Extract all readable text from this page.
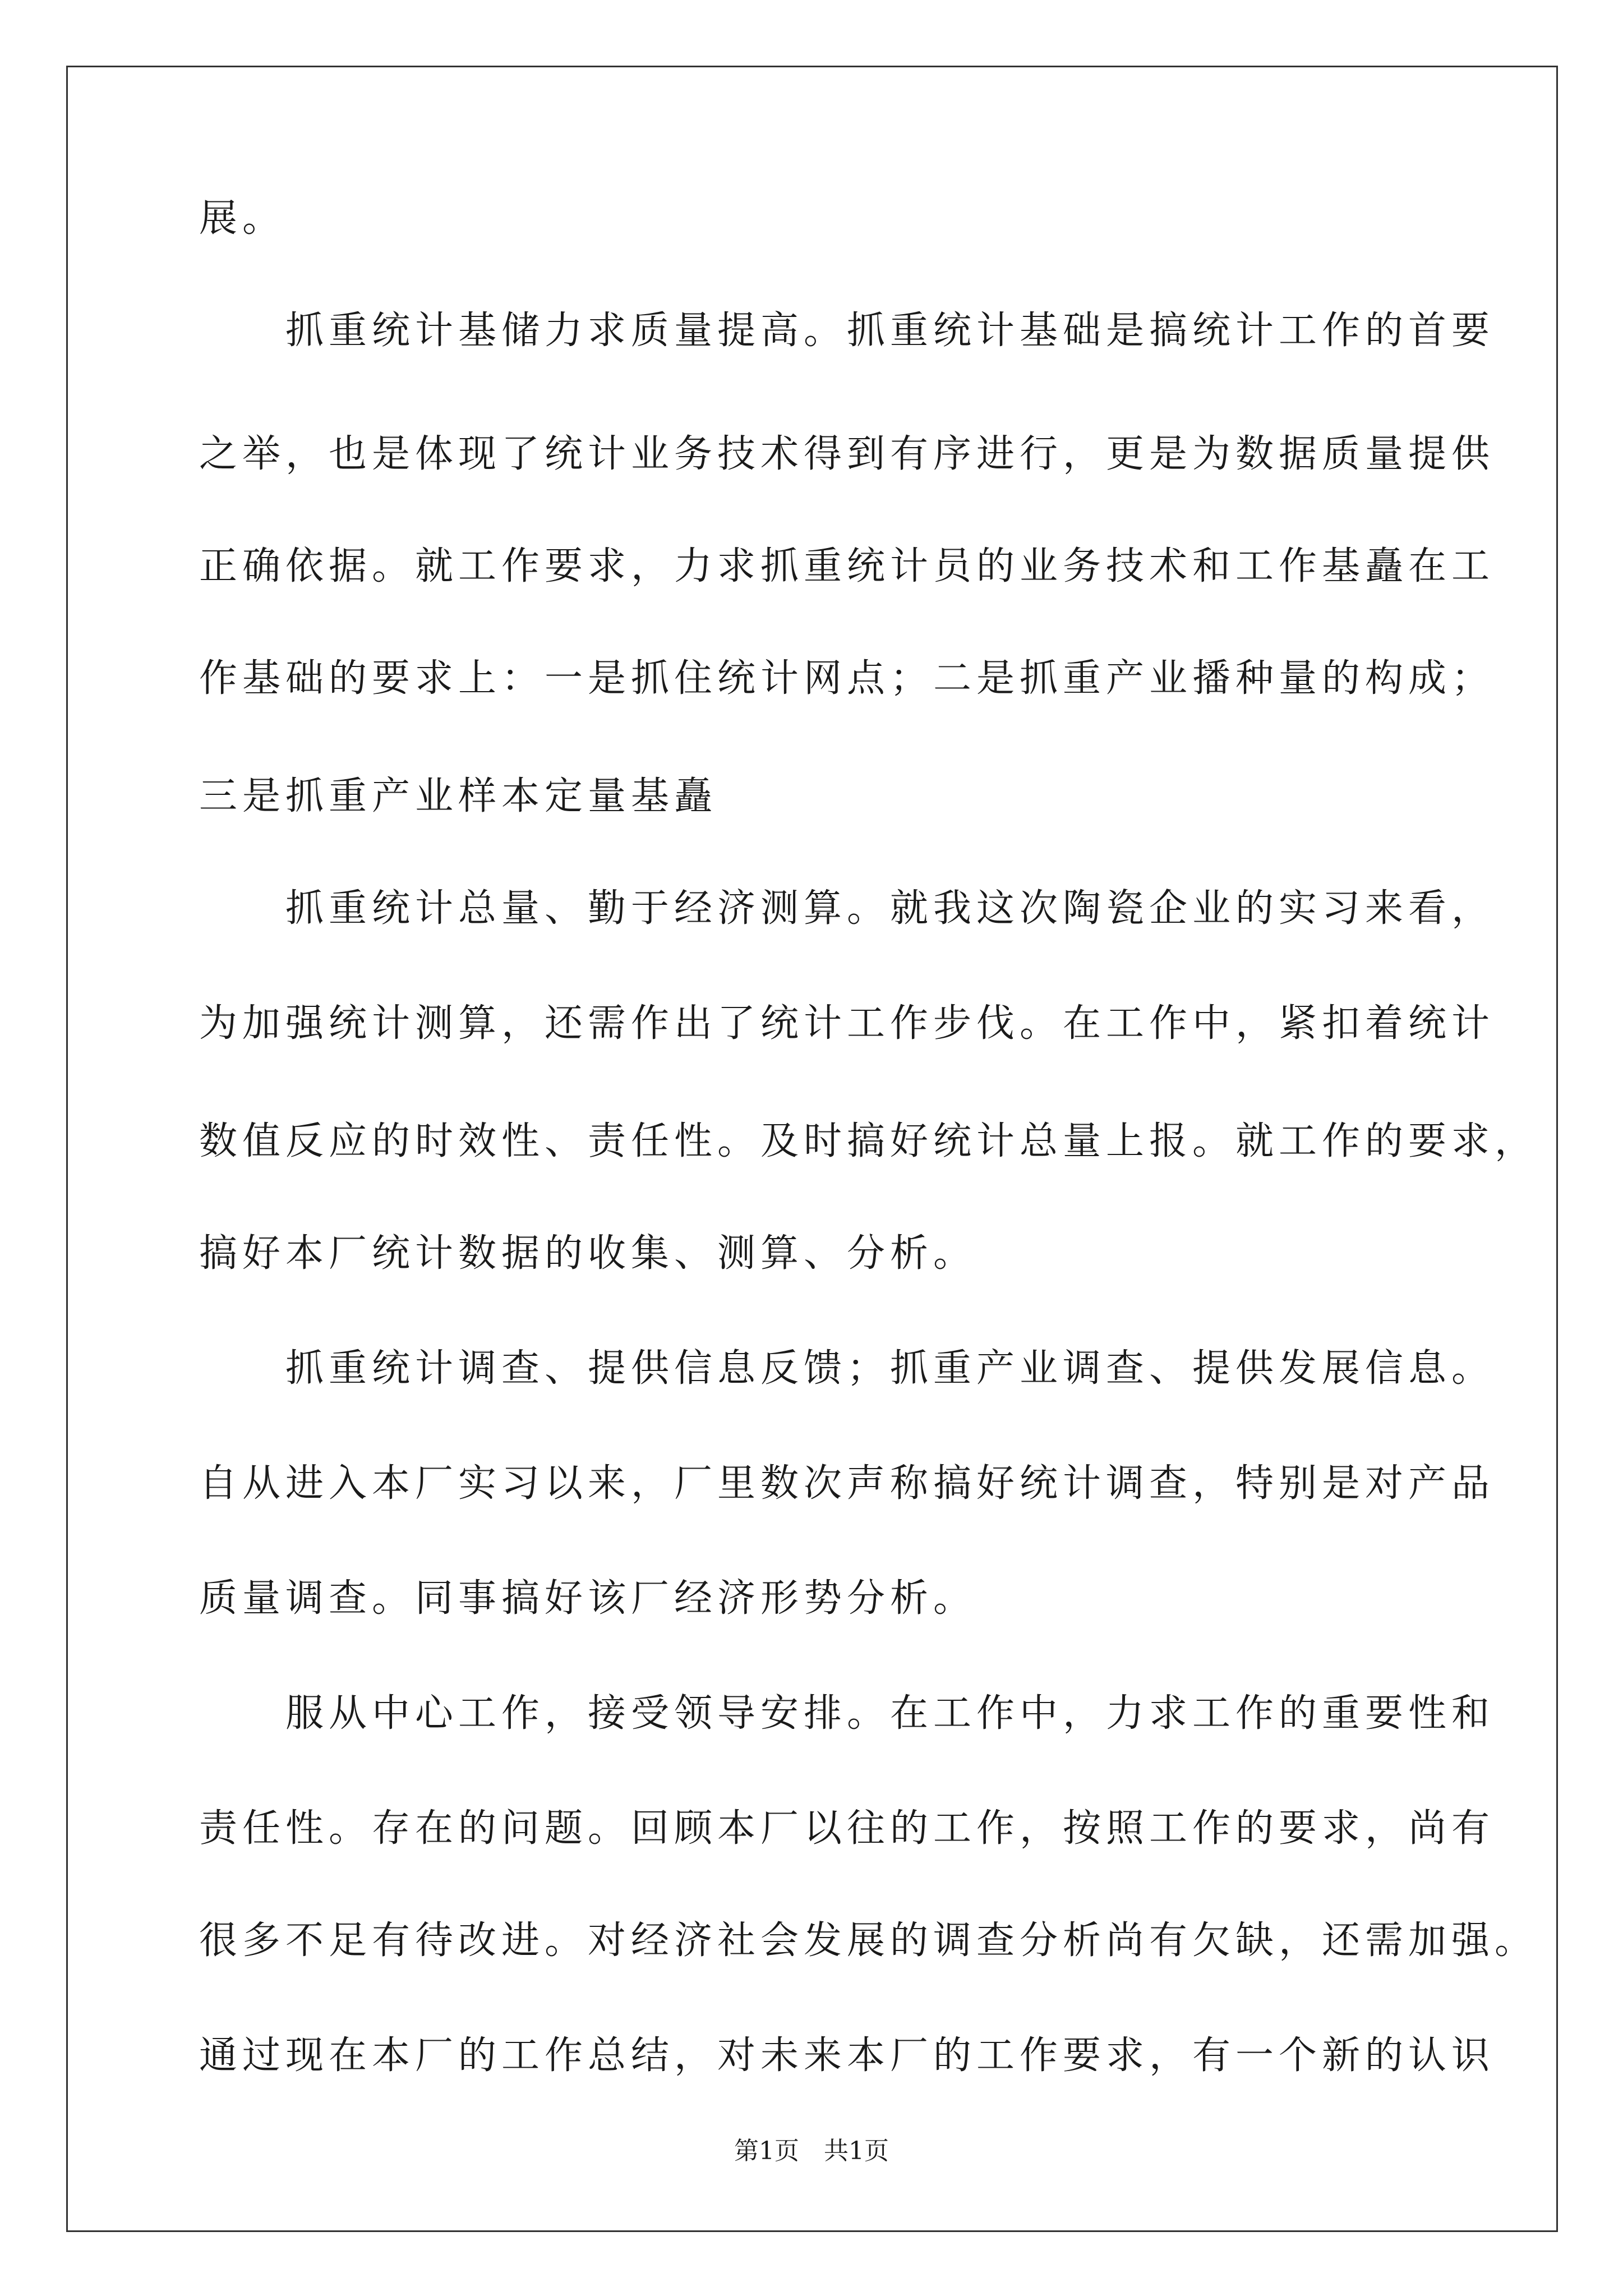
展。
　　抓重统计基储力求质量提高。抓重统计基础是搞统计工作的首要
之举，也是体现了统计业务技术得到有序进行，更是为数据质量提供
正确依据。就工作要求，力求抓重统计员的业务技术和工作基矗在工
作基础的要求上：一是抓住统计网点；二是抓重产业播种量的构成；
三是抓重产业样本定量基矗
　　抓重统计总量、勤于经济测算。就我这次陶瓷企业的实习来看，
为加强统计测算，还需作出了统计工作步伐。在工作中，紧扣着统计
数值反应的时效性、责任性。及时搞好统计总量上报。就工作的要求，
搞好本厂统计数据的收集、测算、分析。
　　抓重统计调查、提供信息反馈；抓重产业调查、提供发展信息。
自从进入本厂实习以来，厂里数次声称搞好统计调查，特别是对产品
质量调查。同事搞好该厂经济形势分析。
　　服从中心工作，接受领导安排。在工作中，力求工作的重要性和
责任性。存在的问题。回顾本厂以往的工作，按照工作的要求，尚有
很多不足有待改进。对经济社会发展的调查分析尚有欠缺，还需加强。
通过现在本厂的工作总结，对未来本厂的工作要求，有一个新的认识
第1页　共1页
